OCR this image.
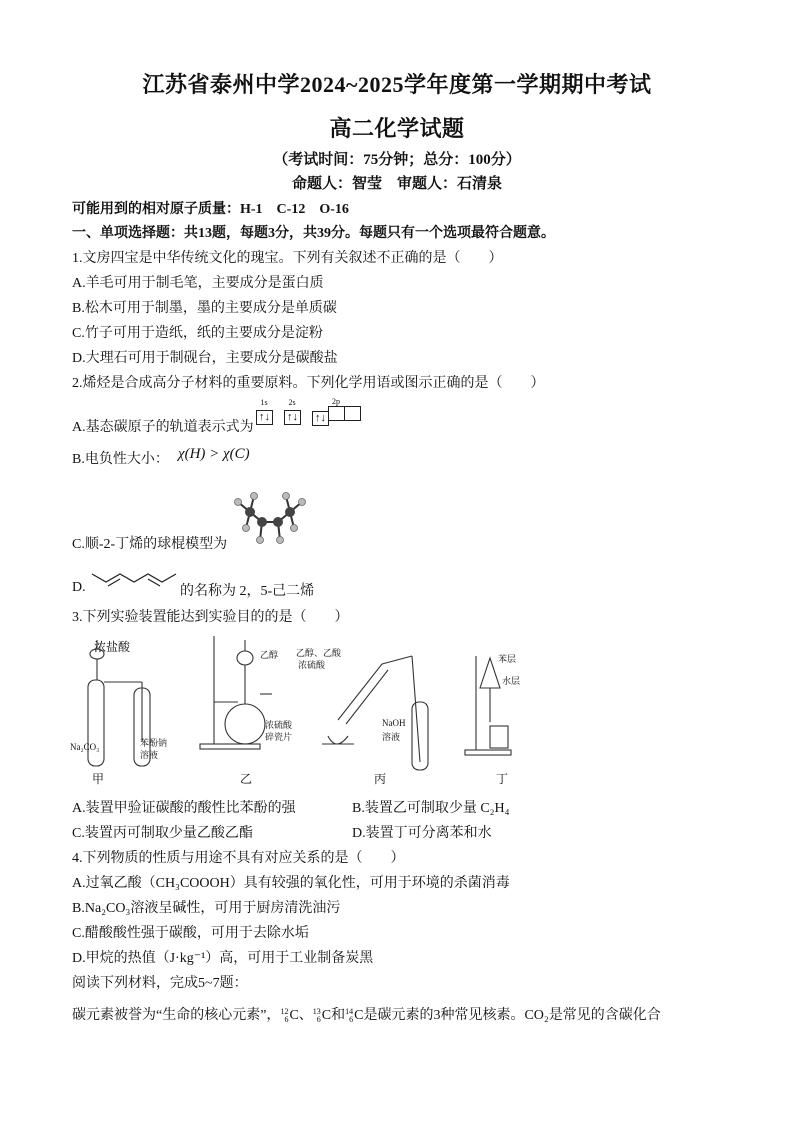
江苏省泰州中学2024~2025学年度第一学期期中考试
高二化学试题
（考试时间：75分钟；总分：100分）
命题人：智莹　审题人：石清泉
可能用到的相对原子质量：H-1　C-12　O-16
一、单项选择题：共13题，每题3分，共39分。每题只有一个选项最符合题意。
1.文房四宝是中华传统文化的瑰宝。下列有关叙述不正确的是（　　）
A.羊毛可用于制毛笔，主要成分是蛋白质
B.松木可用于制墨，墨的主要成分是单质碳
C.竹子可用于造纸，纸的主要成分是淀粉
D.大理石可用于制砚台，主要成分是碳酸盐
2.烯烃是合成高分子材料的重要原料。下列化学用语或图示正确的是（　　）
A.基态碳原子的轨道表示式为
1s
↑↓
2s
↑↓
2p
↑↓
B.电负性大小： χ(H) > χ(C)
C.顺-2-丁烯的球棍模型为
D.	的名称为 2，5-己二烯
3.下列实验装置能达到实验目的的是（　　）
浓盐酸
Na₂CO₃	苯酚钠
溶液
乙醇
浓硫酸
碎瓷片
乙醇、乙酸
浓硫酸
NaOH
溶液
苯层
水层
甲	乙	丙	丁
A.装置甲验证碳酸的酸性比苯酚的强	B.装置乙可制取少量 C₂H₄
C.装置丙可制取少量乙酸乙酯	D.装置丁可分离苯和水
4.下列物质的性质与用途不具有对应关系的是（　　）
A.过氧乙酸（CH₃COOOH）具有较强的氧化性，可用于环境的杀菌消毒
B.Na₂CO₃溶液呈碱性，可用于厨房清洗油污
C.醋酸酸性强于碳酸，可用于去除水垢
D.甲烷的热值（J·kg⁻¹）高，可用于工业制备炭黑
阅读下列材料，完成5~7题：
碳元素被誉为“生命的核心元素”， 12
6 C、 13
6 C和 14
6 C是碳元素的3种常见核素。CO₂是常见的含碳化合
